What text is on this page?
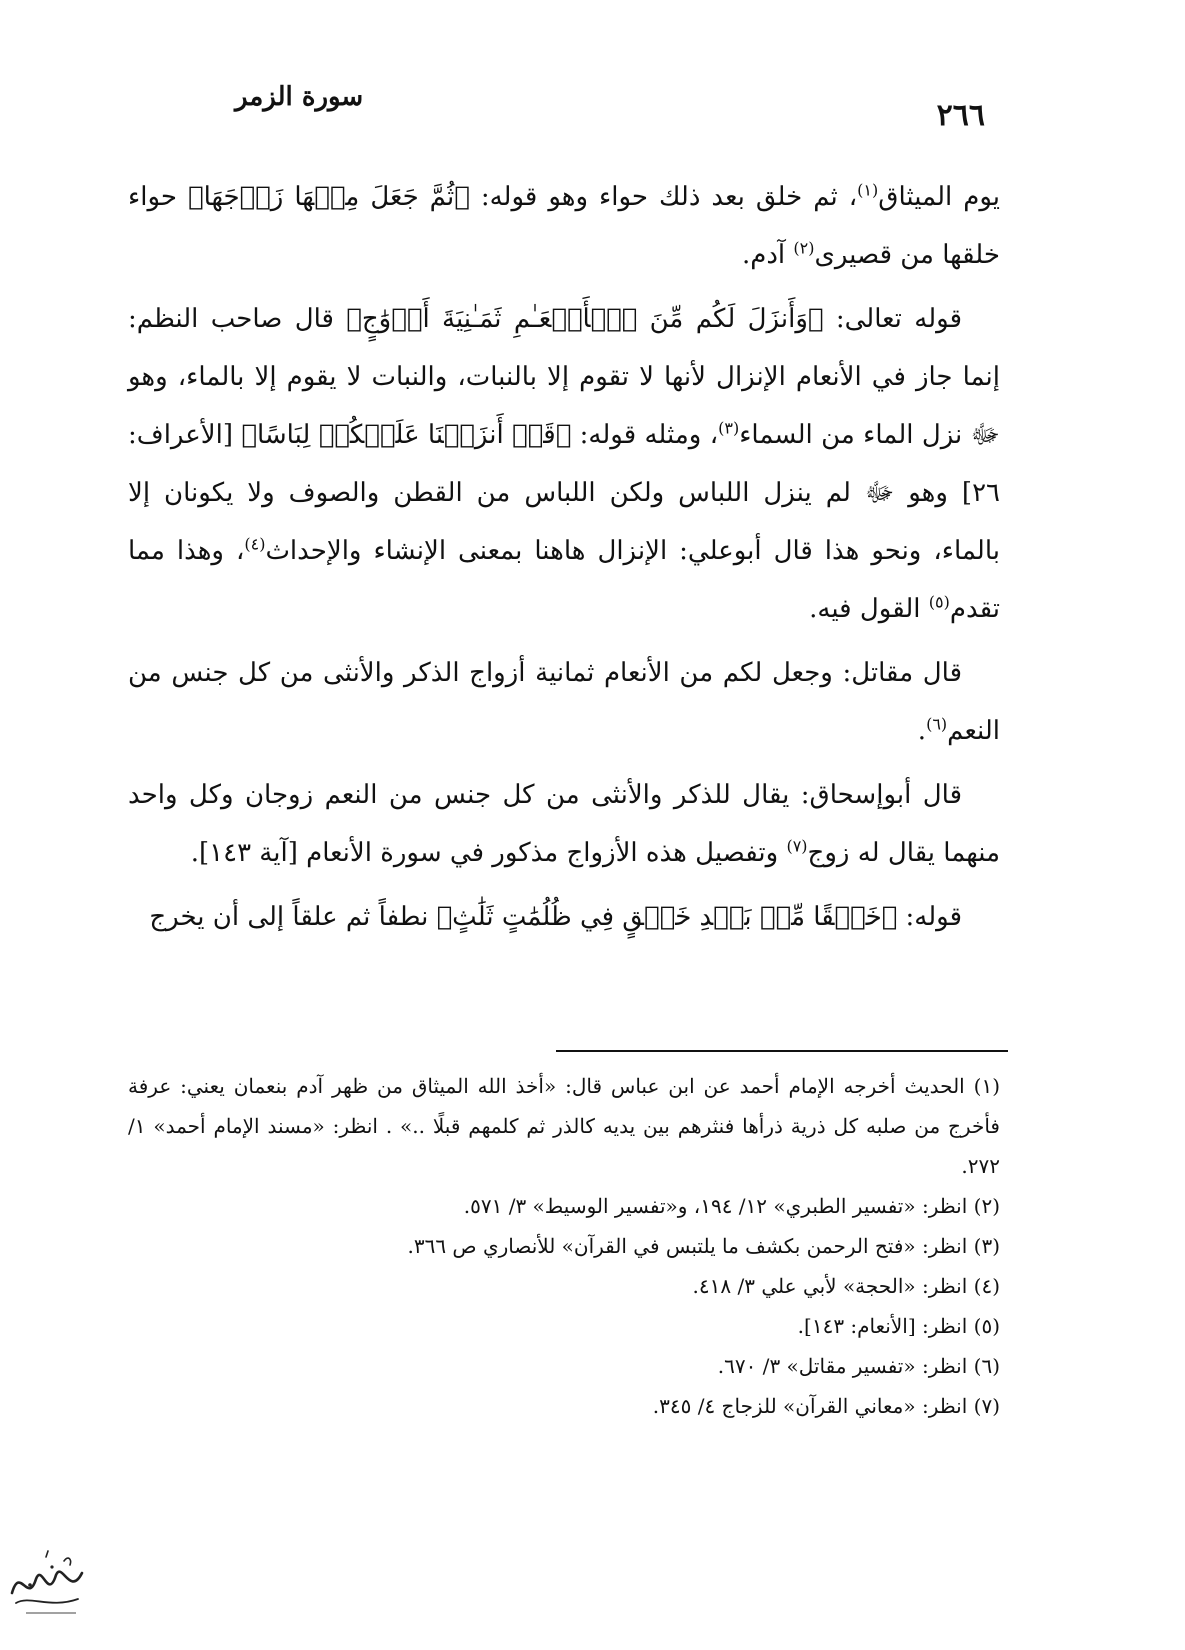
سورة الزمر
٢٦٦

يوم الميثاق$^{(١)}$، ثم خلق بعد ذلك حواء وهو قوله: ﴿ثُمَّ جَعَلَ مِنۡهَا زَوۡجَهَا﴾ حواء خلقها من قصيرى$^{(٢)}$ آدم.

قوله تعالى: ﴿وَأَنزَلَ لَكُم مِّنَ ٱلۡأَنۡعَـٰمِ ثَمَـٰنِيَةَ أَزۡوَٰجٍ﴾ قال صاحب النظم: إنما جاز في الأنعام الإنزال لأنها لا تقوم إلا بالنبات، والنبات لا يقوم إلا بالماء، وهو ﷻ نزل الماء من السماء$^{(٣)}$، ومثله قوله: ﴿قَدۡ أَنزَلۡنَا عَلَيۡكُمۡ لِبَاسًا﴾ [الأعراف: ٢٦] وهو ﷻ لم ينزل اللباس ولكن اللباس من القطن والصوف ولا يكونان إلا بالماء، ونحو هذا قال أبوعلي: الإنزال هاهنا بمعنى الإنشاء والإحداث$^{(٤)}$، وهذا مما تقدم$^{(٥)}$ القول فيه.

قال مقاتل: وجعل لكم من الأنعام ثمانية أزواج الذكر والأنثى من كل جنس من النعم$^{(٦)}$.

قال أبوإسحاق: يقال للذكر والأنثى من كل جنس من النعم زوجان وكل واحد منهما يقال له زوج$^{(٧)}$ وتفصيل هذه الأزواج مذكور في سورة الأنعام [آية ١٤٣].

قوله: ﴿خَلۡقًا مِّنۢ بَعۡدِ خَلۡقٍ فِي ظُلُمَٰتٍ ثَلَٰثٍ﴾ نطفاً ثم علقاً إلى أن يخرج

(١) الحديث أخرجه الإمام أحمد عن ابن عباس قال: «أخذ الله الميثاق من ظهر آدم بنعمان يعني: عرفة فأخرج من صلبه كل ذرية ذرأها فنثرهم بين يديه كالذر ثم كلمهم قبلًا ..» . انظر: «مسند الإمام أحمد» ١/ ٢٧٢.

(٢) انظر: «تفسير الطبري» ١٢/ ١٩٤، و«تفسير الوسيط» ٣/ ٥٧١.

(٣) انظر: «فتح الرحمن بكشف ما يلتبس في القرآن» للأنصاري ص ٣٦٦.

(٤) انظر: «الحجة» لأبي علي ٣/ ٤١٨.

(٥) انظر: [الأنعام: ١٤٣].

(٦) انظر: «تفسير مقاتل» ٣/ ٦٧٠.

(٧) انظر: «معاني القرآن» للزجاج ٤/ ٣٤٥.
